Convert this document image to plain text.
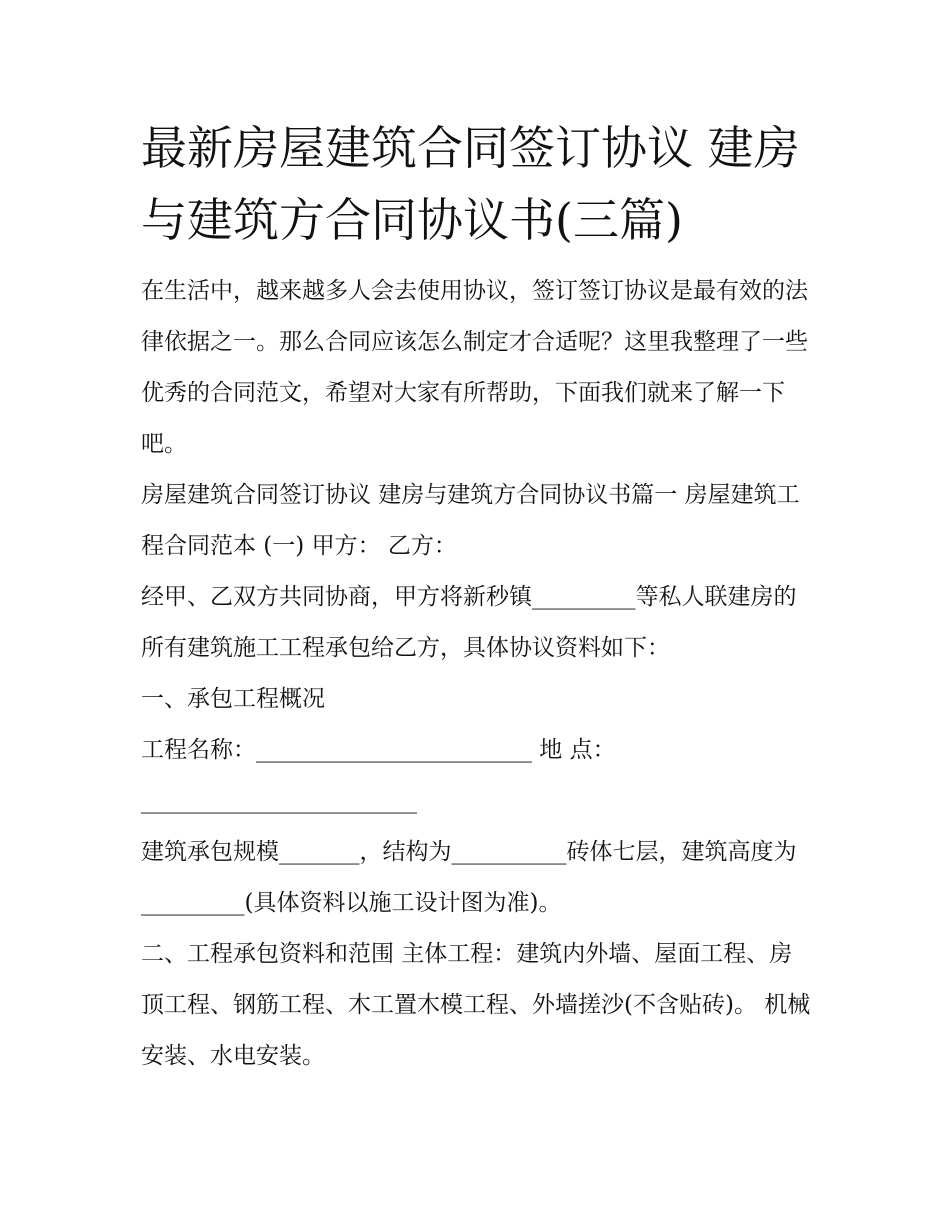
最新房屋建筑合同签订协议 建房与建筑方合同协议书(三篇)

在生活中，越来越多人会去使用协议，签订签订协议是最有效的法律依据之一。那么合同应该怎么制定才合适呢？这里我整理了一些优秀的合同范文，希望对大家有所帮助，下面我们就来了解一下吧。

房屋建筑合同签订协议 建房与建筑方合同协议书篇一 房屋建筑工程合同范本 (一) 甲方： 乙方：

经甲、乙双方共同协商，甲方将新秒镇_________等私人联建房的所有建筑施工工程承包给乙方，具体协议资料如下：

一、承包工程概况

工程名称：________________________ 地 点：________________________

建筑承包规模_______，结构为__________砖体七层，建筑高度为_________(具体资料以施工设计图为准)。

二、工程承包资料和范围 主体工程：建筑内外墙、屋面工程、房顶工程、钢筋工程、木工置木模工程、外墙搓沙(不含贴砖)。 机械安装、水电安装。
